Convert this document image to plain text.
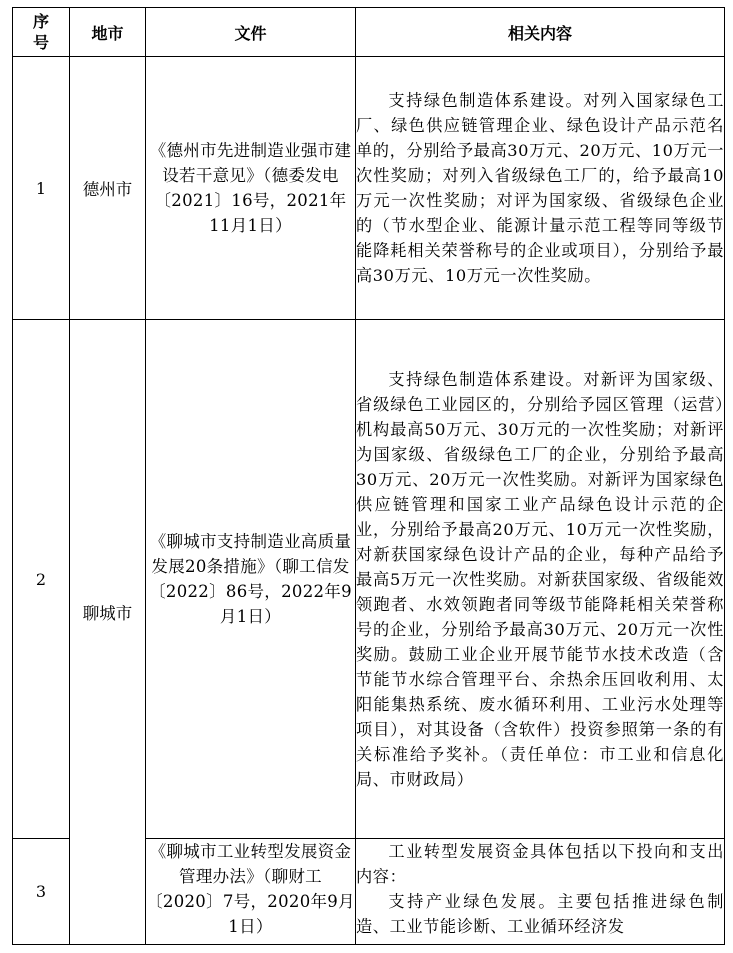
序号	地市	文件	相关内容
1	德州市	《德州市先进制造业强市建设若干意见》（德委发电〔2021〕16号，2021年11月1日）	支持绿色制造体系建设。对列入国家绿色工厂、绿色供应链管理企业、绿色设计产品示范名单的，分别给予最高30万元、20万元、10万元一次性奖励；对列入省级绿色工厂的，给予最高10万元一次性奖励；对评为国家级、省级绿色企业的（节水型企业、能源计量示范工程等同等级节能降耗相关荣誉称号的企业或项目），分别给予最高30万元、10万元一次性奖励。

2	聊城市	《聊城市支持制造业高质量发展20条措施》（聊工信发〔2022〕86号，2022年9月1日）	支持绿色制造体系建设。对新评为国家级、省级绿色工业园区的，分别给予园区管理（运营）机构最高50万元、30万元的一次性奖励；对新评为国家级、省级绿色工厂的企业，分别给予最高30万元、20万元一次性奖励。对新评为国家绿色供应链管理和国家工业产品绿色设计示范的企业，分别给予最高20万元、10万元一次性奖励，对新获国家绿色设计产品的企业，每种产品给予最高5万元一次性奖励。对新获国家级、省级能效领跑者、水效领跑者同等级节能降耗相关荣誉称号的企业，分别给予最高30万元、20万元一次性奖励。鼓励工业企业开展节能节水技术改造（含节能节水综合管理平台、余热余压回收利用、太阳能集热系统、废水循环利用、工业污水处理等项目），对其设备（含软件）投资参照第一条的有关标准给予奖补。（责任单位：市工业和信息化局、市财政局）

3		《聊城市工业转型发展资金管理办法》（聊财工〔2020〕7号，2020年9月1日）	工业转型发展资金具体包括以下投向和支出内容：

支持产业绿色发展。主要包括推进绿色制造、工业节能诊断、工业循环经济发
